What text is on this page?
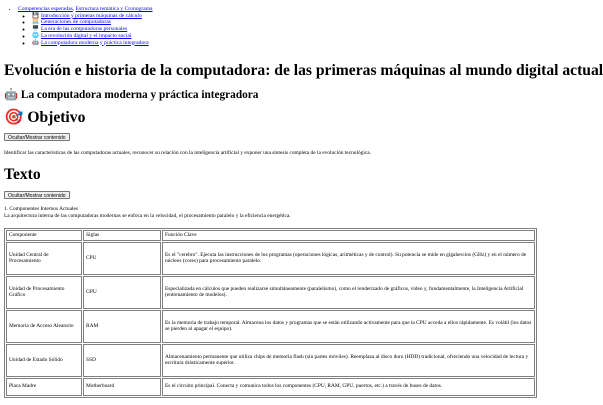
• Competencias esperadas, Estructura temática y Cronograma
◦ 💾 Introducción y primeras máquinas de cálculo
◦ 🧮 Generaciones de computadoras
◦ 🖥️ La era de las computadoras personales
◦ 🌐 La revolución digital y el impacto social
◦ 🤖 La computadora moderna y práctica integradora
Evolución e historia de la computadora: de las primeras máquinas al mundo digital actual
🤖 La computadora moderna y práctica integradora
🎯 Objetivo
Ocultar/Mostrar contenido

Identificar las características de las computadoras actuales, reconocer su relación con la inteligencia artificial y exponer una síntesis completa de la evolución tecnológica.

Texto
Ocultar/Mostrar contenido

1. Componentes Internos Actuales
La arquitectura interna de las computadoras modernas se enfoca en la velocidad, el procesamiento paralelo y la eficiencia energética.

Componente	Siglas	Función Clave
Unidad Central de Procesamiento	CPU	Es el "cerebro". Ejecuta las instrucciones de los programas (operaciones lógicas, aritméticas y de control). Su potencia se mide en gigahercios (GHz) y en el número de núcleos (cores) para procesamiento paralelo.
Unidad de Procesamiento Gráfico	GPU	Especializada en cálculos que pueden realizarse simultáneamente (paralelismo), como el renderizado de gráficos, video y, fundamentalmente, la Inteligencia Artificial (entrenamiento de modelos).
Memoria de Acceso Aleatorio	RAM	Es la memoria de trabajo temporal. Almacena los datos y programas que se están utilizando activamente para que la CPU acceda a ellos rápidamente. Es volátil (los datos se pierden al apagar el equipo).
Unidad de Estado Sólido	SSD	Almacenamiento permanente que utiliza chips de memoria flash (sin partes móviles). Reemplaza al disco duro (HDD) tradicional, ofreciendo una velocidad de lectura y escritura drásticamente superior.
Placa Madre	Motherboard	Es el circuito principal. Conecta y comunica todos los componentes (CPU, RAM, GPU, puertos, etc.) a través de buses de datos.
